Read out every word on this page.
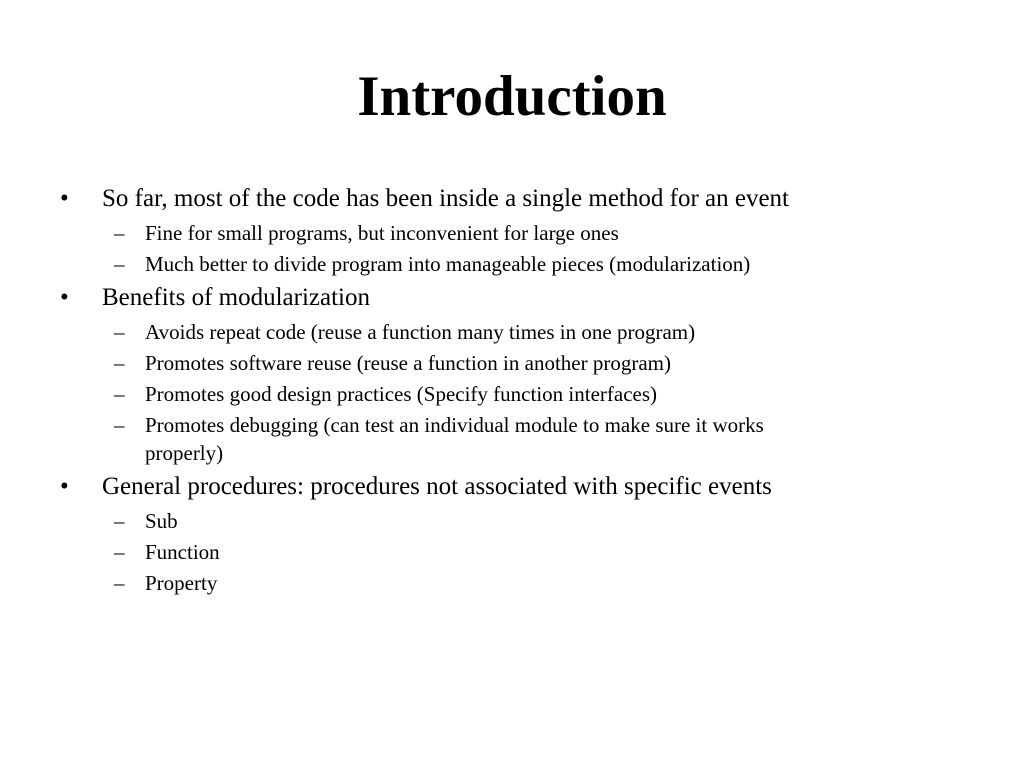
Introduction
•	So far, most of the code has been inside a single method for an event
– Fine for small programs, but inconvenient for large ones
– Much better to divide program into manageable pieces (modularization)
•	Benefits of modularization
– Avoids repeat code (reuse a function many times in one program)
– Promotes software reuse (reuse a function in another program)
– Promotes good design practices (Specify function interfaces)
– Promotes debugging (can test an individual module to make sure it works properly)
•	General procedures: procedures not associated with specific events
– Sub
– Function
– Property
